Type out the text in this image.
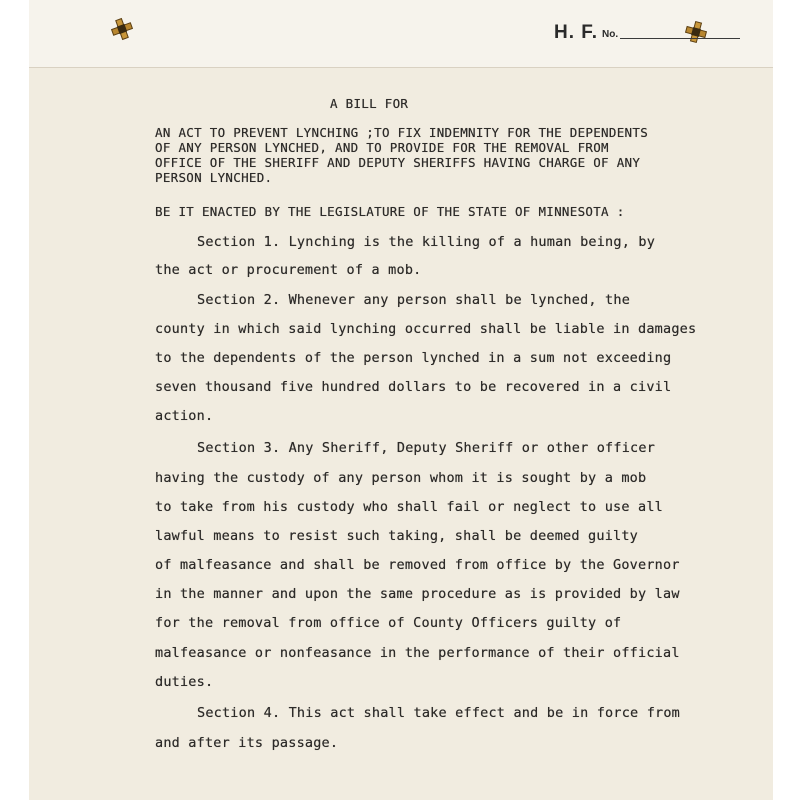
H. F. No.
A BILL FOR
AN ACT TO PREVENT LYNCHING ;TO FIX INDEMNITY FOR THE DEPENDENTS
OF ANY PERSON LYNCHED, AND TO PROVIDE FOR THE REMOVAL FROM
OFFICE OF THE SHERIFF AND DEPUTY SHERIFFS HAVING CHARGE OF ANY
PERSON LYNCHED.
BE IT ENACTED BY THE LEGISLATURE OF THE STATE OF MINNESOTA :
Section 1. Lynching is the killing of a human being, by
the act or procurement of a mob.
Section 2. Whenever any person shall be lynched, the
county in which said lynching occurred shall be liable in damages
to the dependents of the person lynched in a sum not exceeding
seven thousand five hundred dollars to be recovered in a civil
action.
Section 3. Any Sheriff, Deputy Sheriff or other officer
having the custody of any person whom it is sought by a mob
to take from his custody who shall fail or neglect to use all
lawful means to resist such taking, shall be deemed guilty
of malfeasance and shall be removed from office by the Governor
in the manner and upon the same procedure as is provided by law
for the removal from office of County Officers guilty of
malfeasance or nonfeasance in the performance of their official
duties.
Section 4. This act shall take effect and be in force from
and after its passage.
